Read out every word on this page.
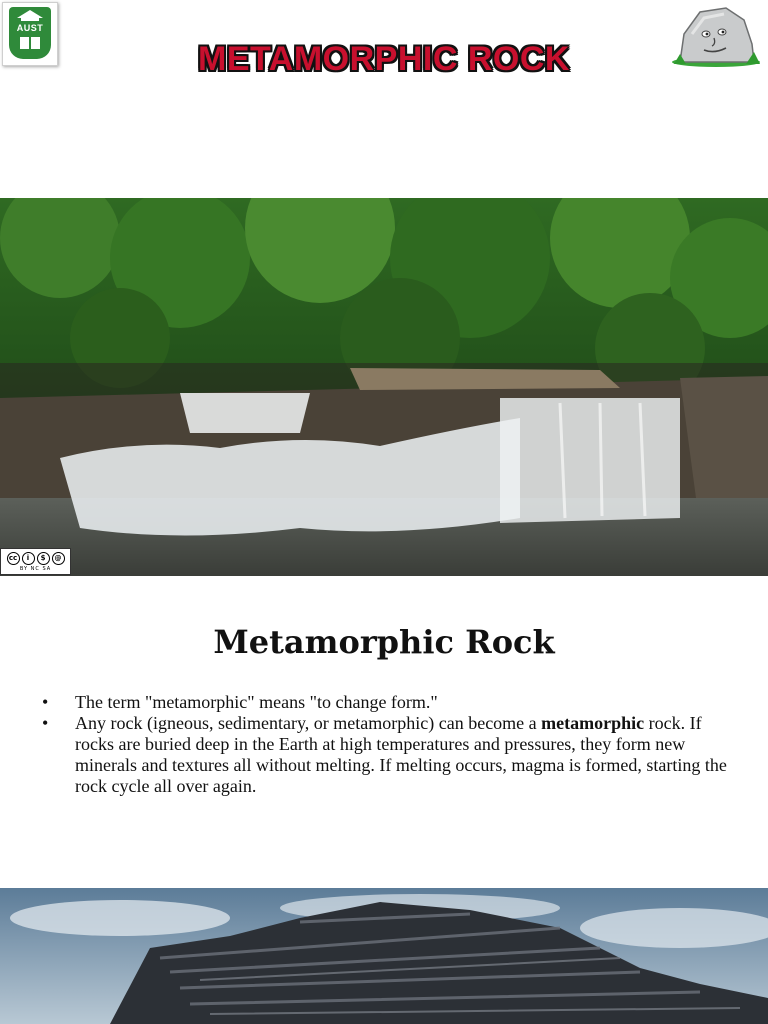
AUST
METAMORPHIC ROCK
cc	i	$	@
BY NC SA
Metamorphic Rock
• The term "metamorphic" means "to change form."
• Any rock (igneous, sedimentary, or metamorphic) can become a metamorphic rock. If rocks are buried deep in the Earth at high temperatures and pressures, they form new minerals and textures all without melting. If melting occurs, magma is formed, starting the rock cycle all over again.
